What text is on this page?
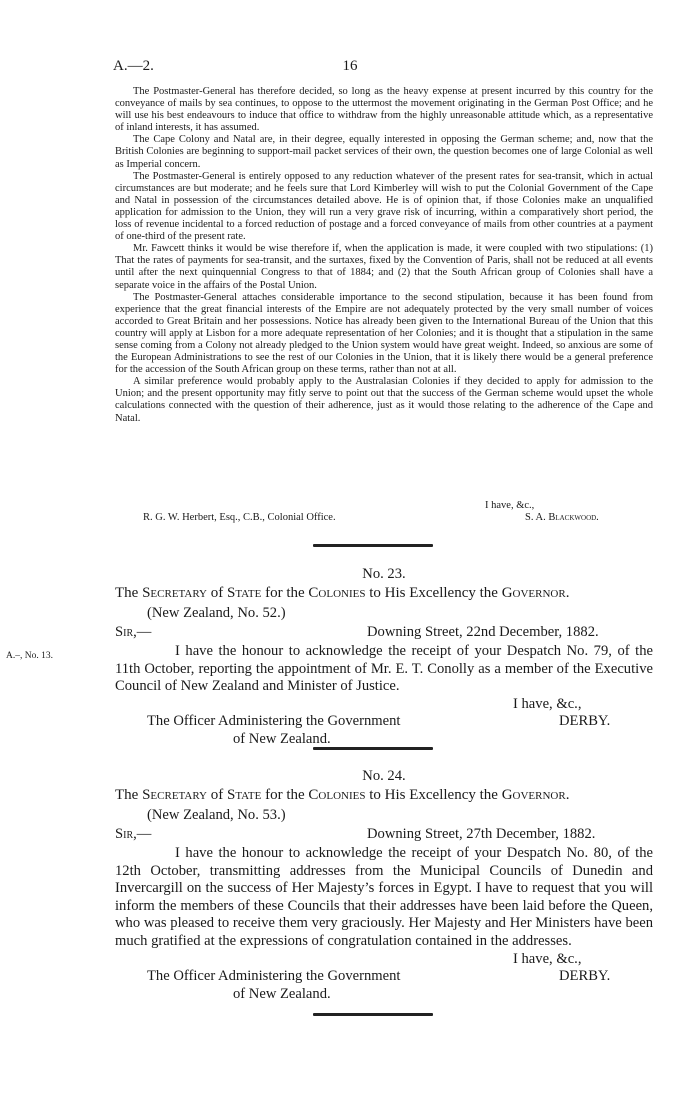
A.—2.	16

The Postmaster-General has therefore decided, so long as the heavy expense at present incurred by this country for the conveyance of mails by sea continues, to oppose to the uttermost the movement originating in the German Post Office; and he will use his best endeavours to induce that office to withdraw from the highly unreasonable attitude which, as a representative of inland interests, it has assumed.

The Cape Colony and Natal are, in their degree, equally interested in opposing the German scheme; and, now that the British Colonies are beginning to support-mail packet services of their own, the question becomes one of large Colonial as well as Imperial concern.

The Postmaster-General is entirely opposed to any reduction whatever of the present rates for sea-transit, which in actual circumstances are but moderate; and he feels sure that Lord Kimberley will wish to put the Colonial Government of the Cape and Natal in possession of the circumstances detailed above. He is of opinion that, if those Colonies make an unqualified application for admission to the Union, they will run a very grave risk of incurring, within a comparatively short period, the loss of revenue incidental to a forced reduction of postage and a forced conveyance of mails from other countries at a payment of one-third of the present rate.

Mr. Fawcett thinks it would be wise therefore if, when the application is made, it were coupled with two stipulations: (1) That the rates of payments for sea-transit, and the surtaxes, fixed by the Convention of Paris, shall not be reduced at all events until after the next quinquennial Congress to that of 1884; and (2) that the South African group of Colonies shall have a separate voice in the affairs of the Postal Union.

The Postmaster-General attaches considerable importance to the second stipulation, because it has been found from experience that the great financial interests of the Empire are not adequately protected by the very small number of voices accorded to Great Britain and her possessions. Notice has already been given to the International Bureau of the Union that this country will apply at Lisbon for a more adequate representation of her Colonies; and it is thought that a stipulation in the same sense coming from a Colony not already pledged to the Union system would have great weight. Indeed, so anxious are some of the European Administrations to see the rest of our Colonies in the Union, that it is likely there would be a general preference for the accession of the South African group on these terms, rather than not at all.

A similar preference would probably apply to the Australasian Colonies if they decided to apply for admission to the Union; and the present opportunity may fitly serve to point out that the success of the German scheme would upset the whole calculations connected with the question of their adherence, just as it would those relating to the adherence of the Cape and Natal.

I have, &c.,
R. G. W. Herbert, Esq., C.B., Colonial Office.	S. A. Blackwood.
No. 23.
The Secretary of State for the Colonies to His Excellency the Governor.
(New Zealand, No. 52.)
Sir,—	Downing Street, 22nd December, 1882.

I have the honour to acknowledge the receipt of your Despatch No. 79, of the 11th October, reporting the appointment of Mr. E. T. Conolly as a member of the Executive Council of New Zealand and Minister of Justice.

I have, &c.,
The Officer Administering the Government	DERBY.
of New Zealand.
A.–, No. 13.
No. 24.
The Secretary of State for the Colonies to His Excellency the Governor.
(New Zealand, No. 53.)
Sir,—	Downing Street, 27th December, 1882.

I have the honour to acknowledge the receipt of your Despatch No. 80, of the 12th October, transmitting addresses from the Municipal Councils of Dunedin and Invercargill on the success of Her Majesty’s forces in Egypt. I have to request that you will inform the members of these Councils that their addresses have been laid before the Queen, who was pleased to receive them very graciously. Her Majesty and Her Ministers have been much gratified at the expressions of congratulation contained in the addresses.

I have, &c.,
The Officer Administering the Government	DERBY.
of New Zealand.
